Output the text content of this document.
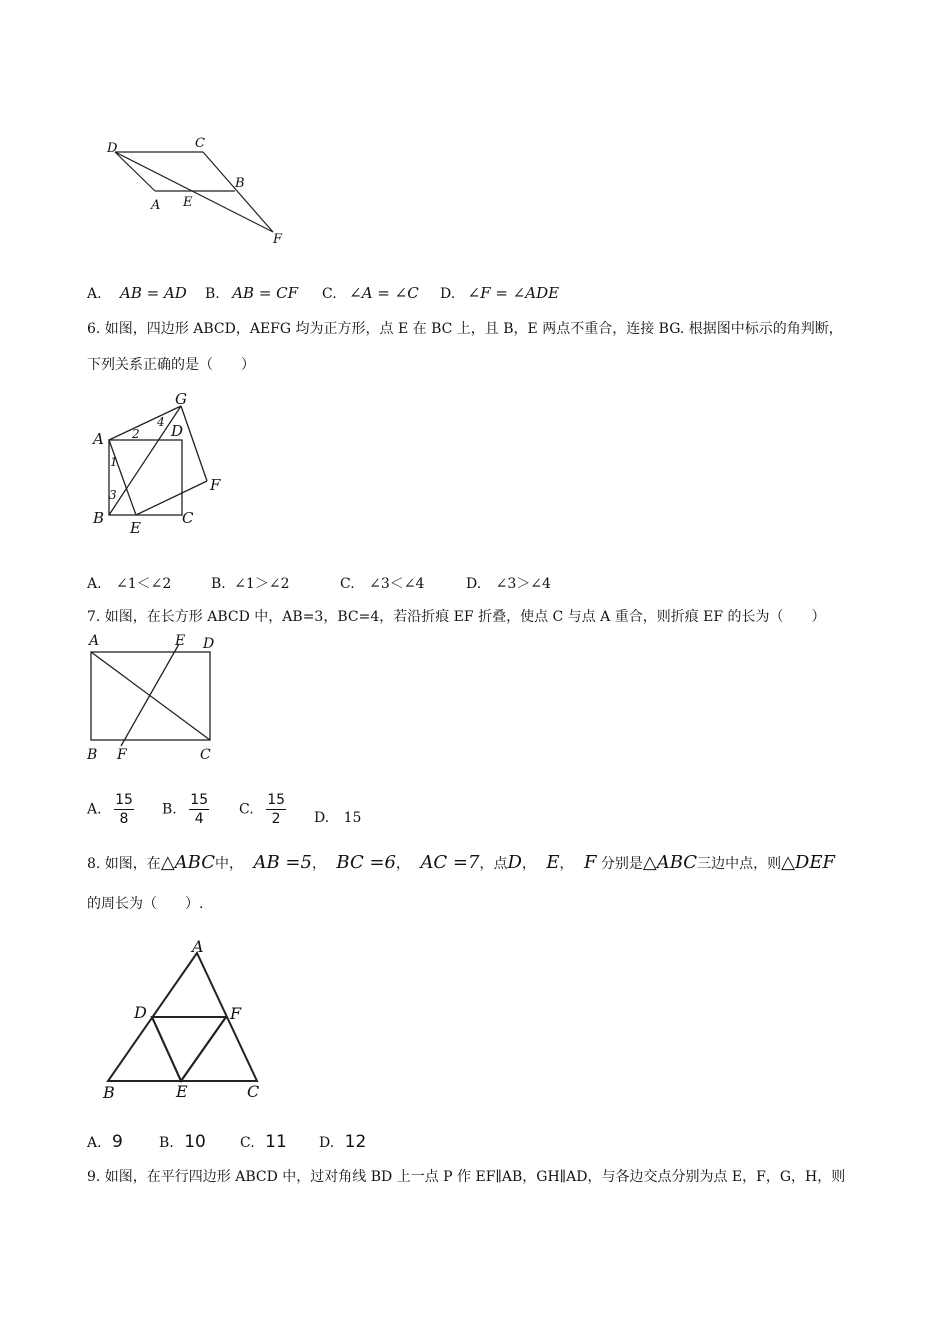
D	C
B
A E
F
A. AB = AD B. AB = CF C. ∠A = ∠C D. ∠F = ∠ADE
6. 如图，四边形 ABCD，AEFG 均为正方形，点 E 在 BC 上，且 B，E 两点不重合，连接 BG. 根据图中标示的角判断，
下列关系正确的是（　　）
A
G
D
F
B
E
C
1
2
3
4
A. ∠1＜∠2	B. ∠1＞∠2	C. ∠3＜∠4	D. ∠3＞∠4
7. 如图，在长方形 ABCD 中，AB=3，BC=4，若沿折痕 EF 折叠，使点 C 与点 A 重合，则折痕 EF 的长为（　　）
A	E D
B F	C
A. $\frac{15}{8} B$. $\frac{15}{4} C$. $\frac{15}{2} D$. 15
8. 如图，在△ABC中， AB =5， BC =6， AC =7，点D， E， F 分别是△ABC三边中点，则△DEF
的周长为（　　）.
A
D	F
B	E	C
A. 9	B. 10 C. 11 D. 12
9. 如图，在平行四边形 ABCD 中，过对角线 BD 上一点 P 作 EF∥AB，GH∥AD，与各边交点分别为点 E，F，G，H，则
